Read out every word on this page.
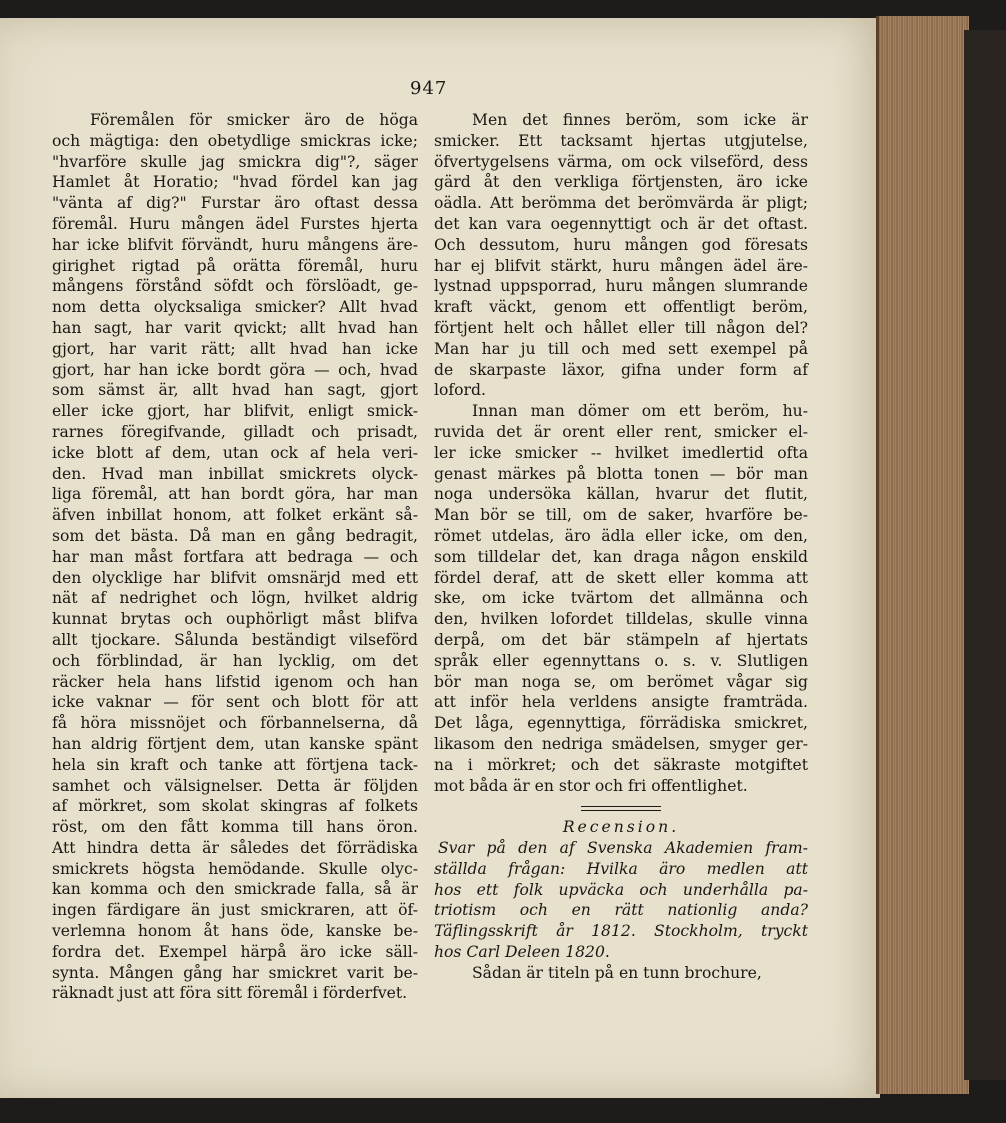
947
Föremålen för smicker äro de höga
och mägtiga: den obetydlige smickras icke;
"hvarföre skulle jag smickra dig"?, säger
Hamlet åt Horatio; "hvad fördel kan jag
"vänta af dig?" Furstar äro oftast dessa
föremål. Huru mången ädel Furstes hjerta
har icke blifvit förvändt, huru mångens äre-
girighet rigtad på orätta föremål, huru
mångens förstånd söfdt och förslöadt, ge-
nom detta olycksaliga smicker? Allt hvad
han sagt, har varit qvickt; allt hvad han
gjort, har varit rätt; allt hvad han icke
gjort, har han icke bordt göra — och, hvad
som sämst är, allt hvad han sagt, gjort
eller icke gjort, har blifvit, enligt smick-
rarnes föregifvande, gilladt och prisadt,
icke blott af dem, utan ock af hela veri-
den. Hvad man inbillat smickrets olyck-
liga föremål, att han bordt göra, har man
äfven inbillat honom, att folket erkänt så-
som det bästa. Då man en gång bedragit,
har man måst fortfara att bedraga — och
den olycklige har blifvit omsnärjd med ett
nät af nedrighet och lögn, hvilket aldrig
kunnat brytas och ouphörligt måst blifva
allt tjockare. Sålunda beständigt vilseförd
och förblindad, är han lycklig, om det
räcker hela hans lifstid igenom och han
icke vaknar — för sent och blott för att
få höra missnöjet och förbannelserna, då
han aldrig förtjent dem, utan kanske spänt
hela sin kraft och tanke att förtjena tack-
samhet och välsignelser. Detta är följden
af mörkret, som skolat skingras af folkets
röst, om den fått komma till hans öron.
Att hindra detta är således det förrädiska
smickrets högsta hemödande. Skulle olyc-
kan komma och den smickrade falla, så är
ingen färdigare än just smickraren, att öf-
verlemna honom åt hans öde, kanske be-
fordra det. Exempel härpå äro icke säll-
synta. Mången gång har smickret varit be-
räknadt just att föra sitt föremål i förderfvet.
Men det finnes beröm, som icke är
smicker. Ett tacksamt hjertas utgjutelse,
öfvertygelsens värma, om ock vilseförd, dess
gärd åt den verkliga förtjensten, äro icke
oädla. Att berömma det berömvärda är pligt;
det kan vara oegennyttigt och är det oftast.
Och dessutom, huru mången god föresats
har ej blifvit stärkt, huru mången ädel äre-
lystnad uppsporrad, huru mången slumrande
kraft väckt, genom ett offentligt beröm,
förtjent helt och hållet eller till någon del?
Man har ju till och med sett exempel på
de skarpaste läxor, gifna under form af
loford.
Innan man dömer om ett beröm, hu-
ruvida det är orent eller rent, smicker el-
ler icke smicker -- hvilket imedlertid ofta
genast märkes på blotta tonen — bör man
noga undersöka källan, hvarur det flutit,
Man bör se till, om de saker, hvarföre be-
römet utdelas, äro ädla eller icke, om den,
som tilldelar det, kan draga någon enskild
fördel deraf, att de skett eller komma att
ske, om icke tvärtom det allmänna och
den, hvilken lofordet tilldelas, skulle vinna
derpå, om det bär stämpeln af hjertats
språk eller egennyttans o. s. v. Slutligen
bör man noga se, om berömet vågar sig
att inför hela verldens ansigte framträda.
Det låga, egennyttiga, förrädiska smickret,
likasom den nedriga smädelsen, smyger ger-
na i mörkret; och det säkraste motgiftet
mot båda är en stor och fri offentlighet.
Recension.
Svar på den af Svenska Akademien fram-
ställda frågan: Hvilka äro medlen att
hos ett folk upväcka och underhålla pa-
triotism och en rätt nationlig anda?
Täflingsskrift år 1812. Stockholm, tryckt
hos Carl Deleen 1820.
Sådan är titeln på en tunn brochure,
